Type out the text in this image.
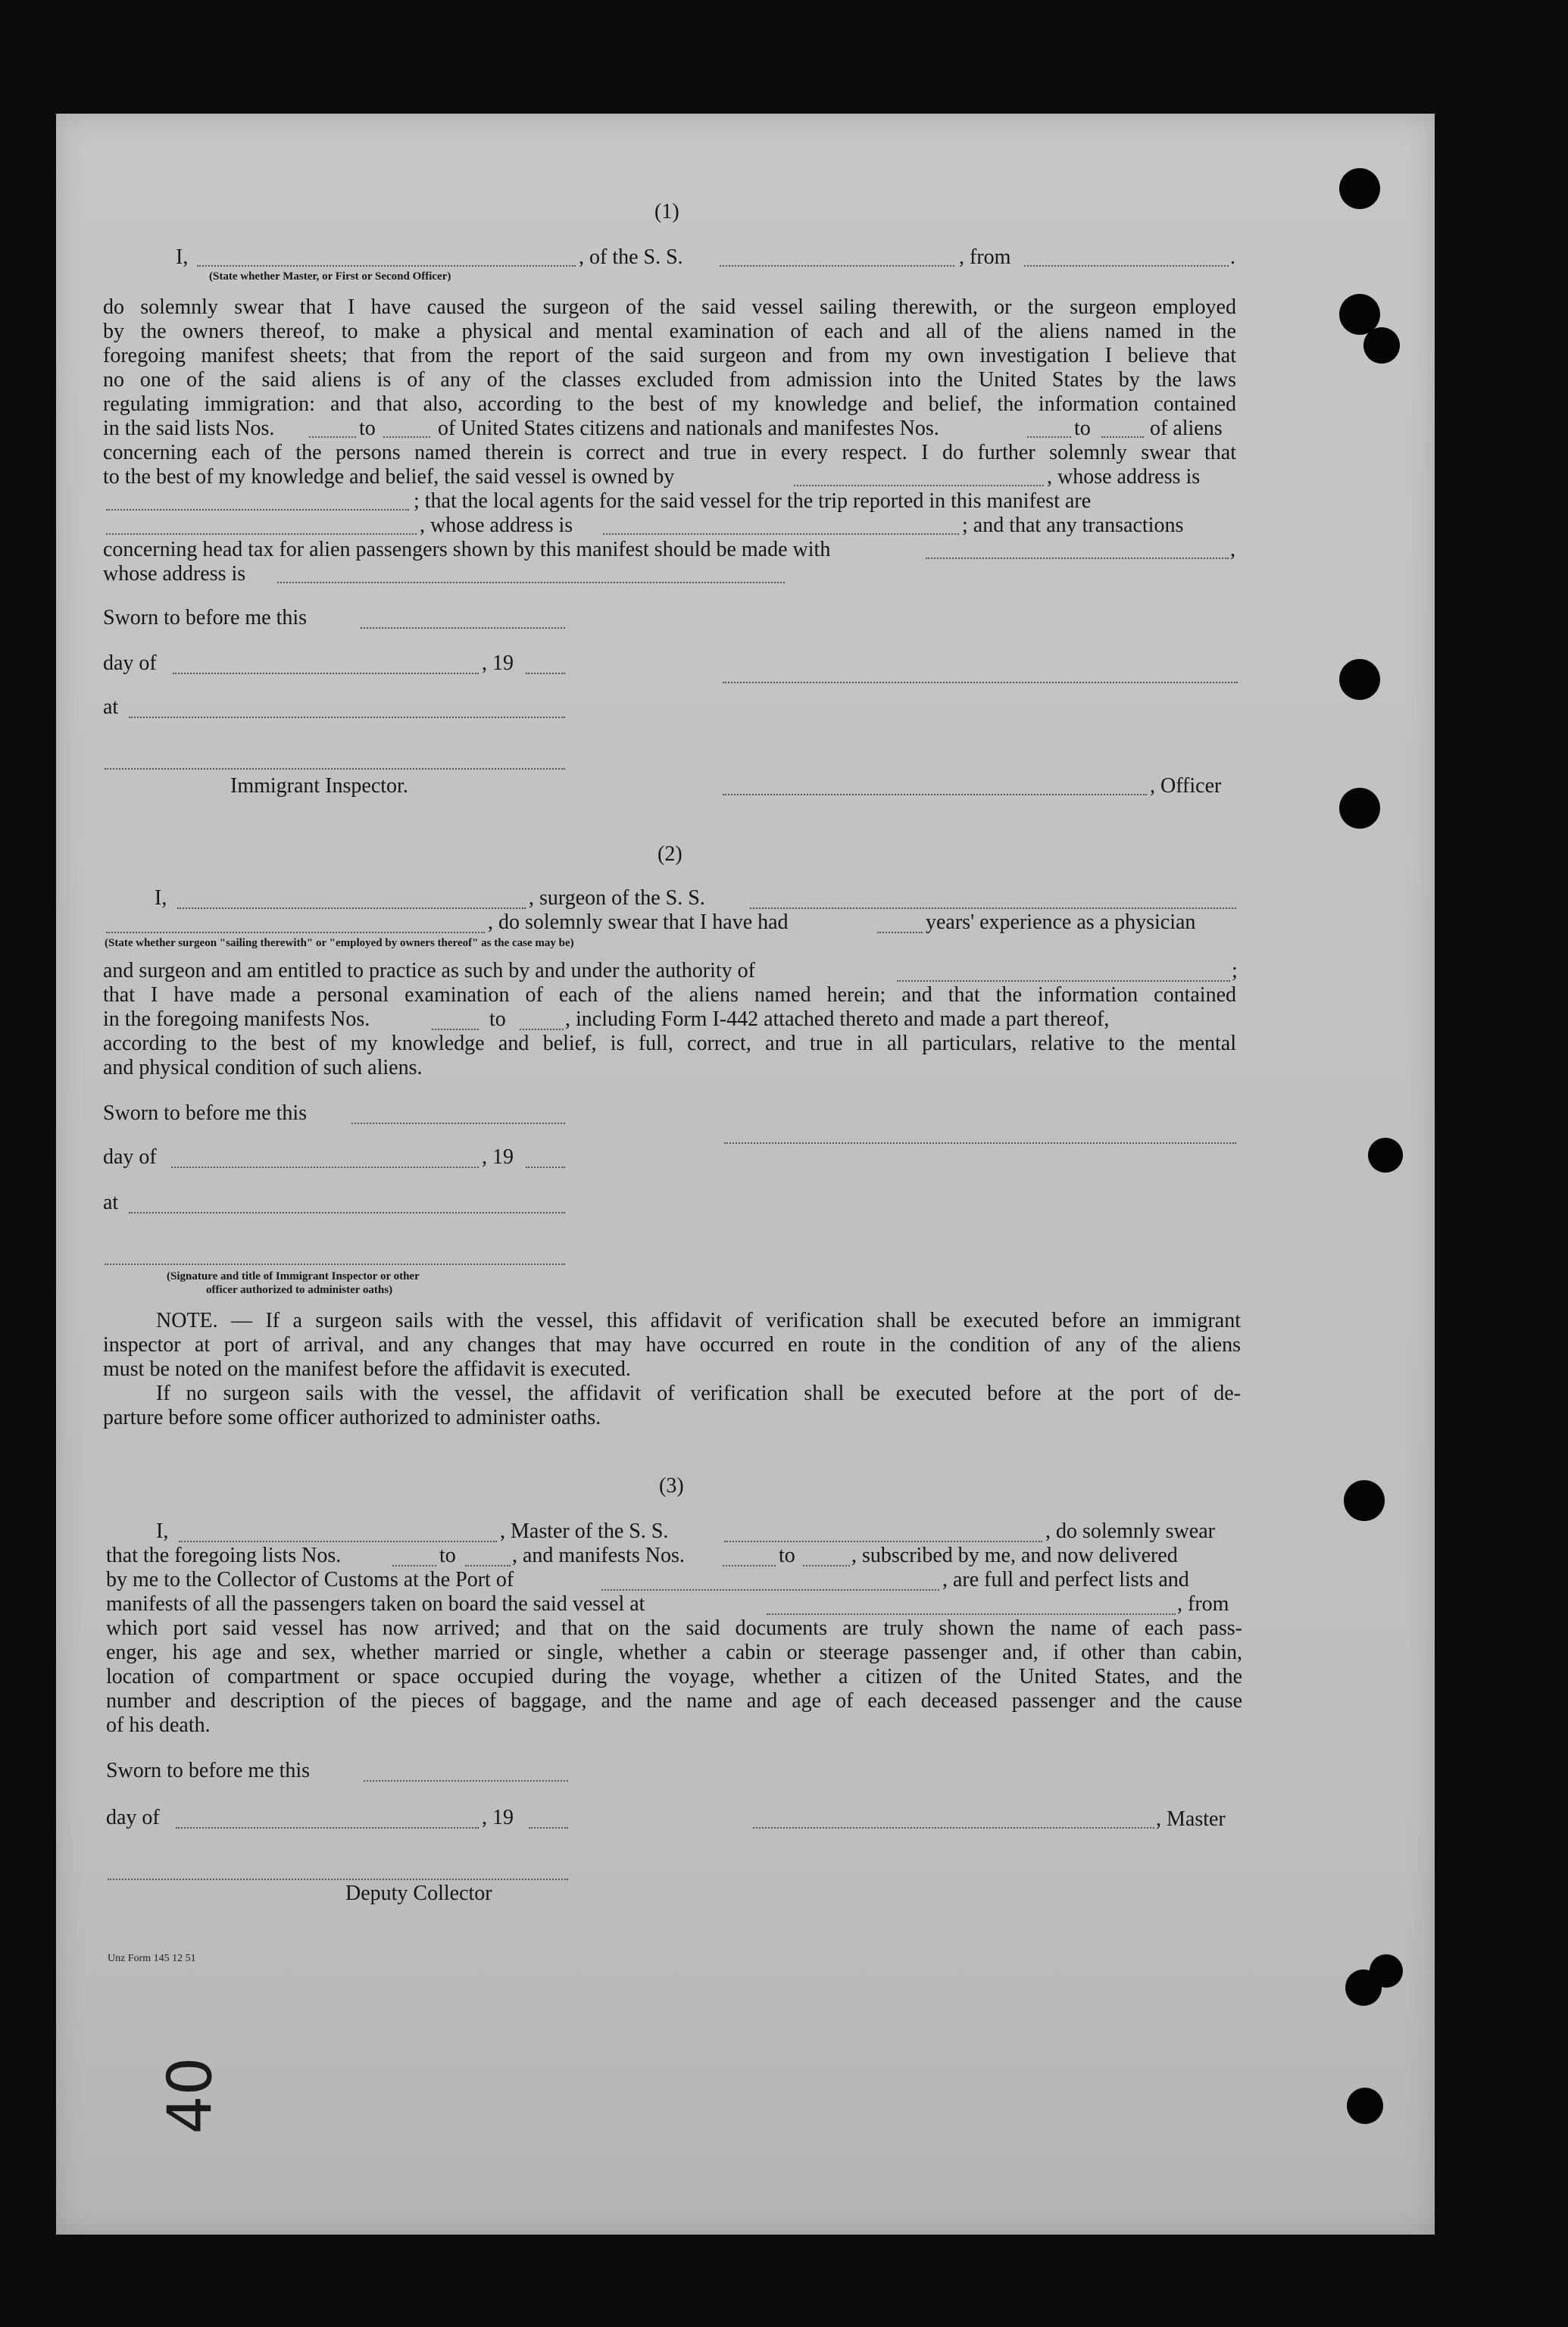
(1)
I,	, of the S. S.	, from	.
(State whether Master, or First or Second Officer)
do solemnly swear that I have caused the surgeon of the said vessel sailing therewith, or the surgeon employed
by the owners thereof, to make a physical and mental examination of each and all of the aliens named in the
foregoing manifest sheets; that from the report of the said surgeon and from my own investigation I believe that
no one of the said aliens is of any of the classes excluded from admission into the United States by the laws
regulating immigration: and that also, according to the best of my knowledge and belief, the information contained
in the said lists Nos.	to	of United States citizens and nationals and manifestes Nos.	to	of aliens
concerning each of the persons named therein is correct and true in every respect. I do further solemnly swear that
to the best of my knowledge and belief, the said vessel is owned by	, whose address is
; that the local agents for the said vessel for the trip reported in this manifest are
, whose address is	; and that any transactions
concerning head tax for alien passengers shown by this manifest should be made with	,
whose address is
Sworn to before me this
day of	, 19
at
Immigrant Inspector.	, Officer
(2)
I,	, surgeon of the S. S.
, do solemnly swear that I have had	years' experience as a physician
(State whether surgeon "sailing therewith" or "employed by owners thereof" as the case may be)
and surgeon and am entitled to practice as such by and under the authority of	;
that I have made a personal examination of each of the aliens named herein; and that the information contained
in the foregoing manifests Nos.	to	, including Form I-442 attached thereto and made a part thereof,
according to the best of my knowledge and belief, is full, correct, and true in all particulars, relative to the mental
and physical condition of such aliens.
Sworn to before me this
day of	, 19
at
(Signature and title of Immigrant Inspector or other
officer authorized to administer oaths)
NOTE. — If a surgeon sails with the vessel, this affidavit of verification shall be executed before an immigrant
inspector at port of arrival, and any changes that may have occurred en route in the condition of any of the aliens
must be noted on the manifest before the affidavit is executed.
If no surgeon sails with the vessel, the affidavit of verification shall be executed before at the port of de-
parture before some officer authorized to administer oaths.
(3)
I,	, Master of the S. S.	, do solemnly swear
that the foregoing lists Nos.	to	, and manifests Nos.	to	, subscribed by me, and now delivered
by me to the Collector of Customs at the Port of	, are full and perfect lists and
manifests of all the passengers taken on board the said vessel at	, from
which port said vessel has now arrived; and that on the said documents are truly shown the name of each pass-
enger, his age and sex, whether married or single, whether a cabin or steerage passenger and, if other than cabin,
location of compartment or space occupied during the voyage, whether a citizen of the United States, and the
number and description of the pieces of baggage, and the name and age of each deceased passenger and the cause
of his death.
Sworn to before me this
day of	, 19	, Master
Deputy Collector
Unz Form 145 12 51
40
